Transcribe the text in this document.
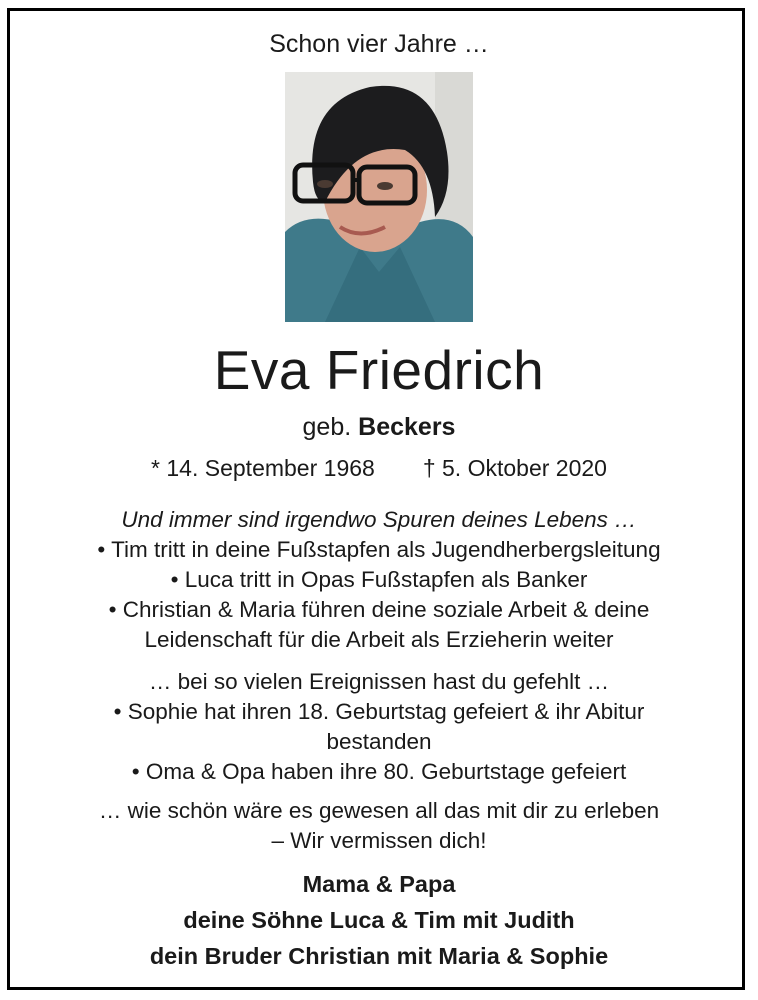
Schon vier Jahre …
Eva Friedrich
geb. Beckers
* 14. September 1968 † 5. Oktober 2020
Und immer sind irgendwo Spuren deines Lebens …
• Tim tritt in deine Fußstapfen als Jugendherbergsleitung
• Luca tritt in Opas Fußstapfen als Banker
• Christian & Maria führen deine soziale Arbeit & deine
Leidenschaft für die Arbeit als Erzieherin weiter
… bei so vielen Ereignissen hast du gefehlt …
• Sophie hat ihren 18. Geburtstag gefeiert & ihr Abitur
bestanden
• Oma & Opa haben ihre 80. Geburtstage gefeiert
… wie schön wäre es gewesen all das mit dir zu erleben
– Wir vermissen dich!
Mama & Papa
deine Söhne Luca & Tim mit Judith
dein Bruder Christian mit Maria & Sophie
